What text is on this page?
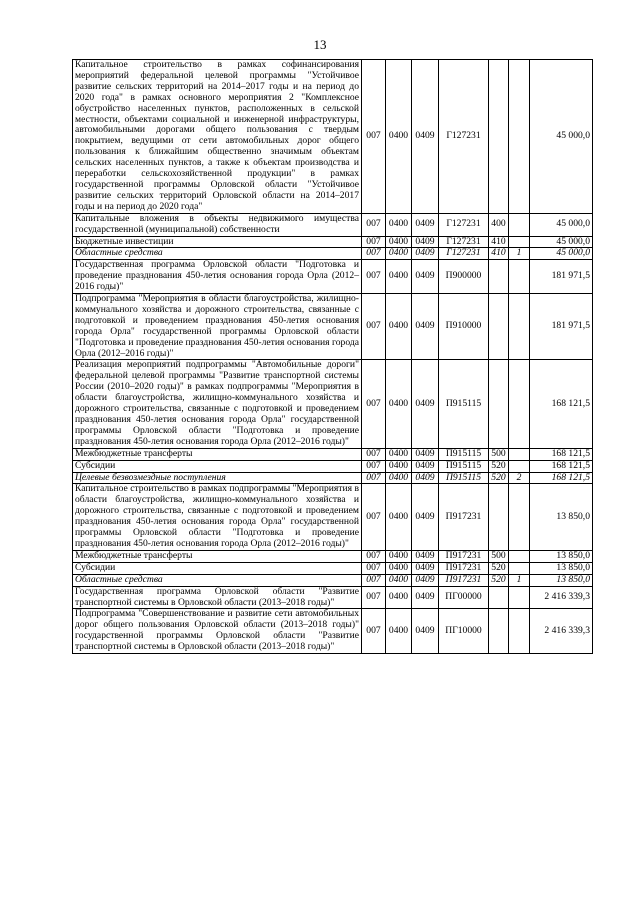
13
Капитальное строительство в рамках софинансирования мероприятий федеральной целевой программы "Устойчивое развитие сельских территорий на 2014–2017 годы и на период до 2020 года" в рамках основного мероприятия 2 "Комплексное обустройство населенных пунктов, расположенных в сельской местности, объектами социальной и инженерной инфраструктуры, автомобильными дорогами общего пользования с твердым покрытием, ведущими от сети автомобильных дорог общего пользования к ближайшим общественно значимым объектам сельских населенных пунктов, а также к объектам производства и переработки сельскохозяйственной продукции" в рамках государственной программы Орловской области "Устойчивое развитие сельских территорий Орловской области на 2014–2017 годы и на период до 2020 года"	007	0400	0409	Г127231			45 000,0
Капитальные вложения в объекты недвижимого имущества государственной (муниципальной) собственности	007	0400	0409	Г127231	400		45 000,0
Бюджетные инвестиции	007	0400	0409	Г127231	410		45 000,0
Областные средства	007	0400	0409	Г127231	410	1	45 000,0
Государственная программа Орловской области "Подготовка и проведение празднования 450-летия основания города Орла (2012–2016 годы)"	007	0400	0409	П900000			181 971,5
Подпрограмма "Мероприятия в области благоустройства, жилищно-коммунального хозяйства и дорожного строительства, связанные с подготовкой и проведением празднования 450-летия основания города Орла" государственной программы Орловской области "Подготовка и проведение празднования 450-летия основания города Орла (2012–2016 годы)"	007	0400	0409	П910000			181 971,5
Реализация мероприятий подпрограммы "Автомобильные дороги" федеральной целевой программы "Развитие транспортной системы России (2010–2020 годы)" в рамках подпрограммы "Мероприятия в области благоустройства, жилищно-коммунального хозяйства и дорожного строительства, связанные с подготовкой и проведением празднования 450-летия основания города Орла" государственной программы Орловской области "Подготовка и проведение празднования 450-летия основания города Орла (2012–2016 годы)"	007	0400	0409	П915115			168 121,5
Межбюджетные трансферты	007	0400	0409	П915115	500		168 121,5
Субсидии	007	0400	0409	П915115	520		168 121,5
Целевые безвозмездные поступления	007	0400	0409	П915115	520	2	168 121,5
Капитальное строительство в рамках подпрограммы "Мероприятия в области благоустройства, жилищно-коммунального хозяйства и дорожного строительства, связанные с подготовкой и проведением празднования 450-летия основания города Орла" государственной программы Орловской области "Подготовка и проведение празднования 450-летия основания города Орла (2012–2016 годы)"	007	0400	0409	П917231			13 850,0
Межбюджетные трансферты	007	0400	0409	П917231	500		13 850,0
Субсидии	007	0400	0409	П917231	520		13 850,0
Областные средства	007	0400	0409	П917231	520	1	13 850,0
Государственная программа Орловской области "Развитие транспортной системы в Орловской области (2013–2018 годы)"	007	0400	0409	ПГ00000			2 416 339,3
Подпрограмма "Совершенствование и развитие сети автомобильных дорог общего пользования Орловской области (2013–2018 годы)" государственной программы Орловской области "Развитие транспортной системы в Орловской области (2013–2018 годы)"	007	0400	0409	ПГ10000			2 416 339,3
